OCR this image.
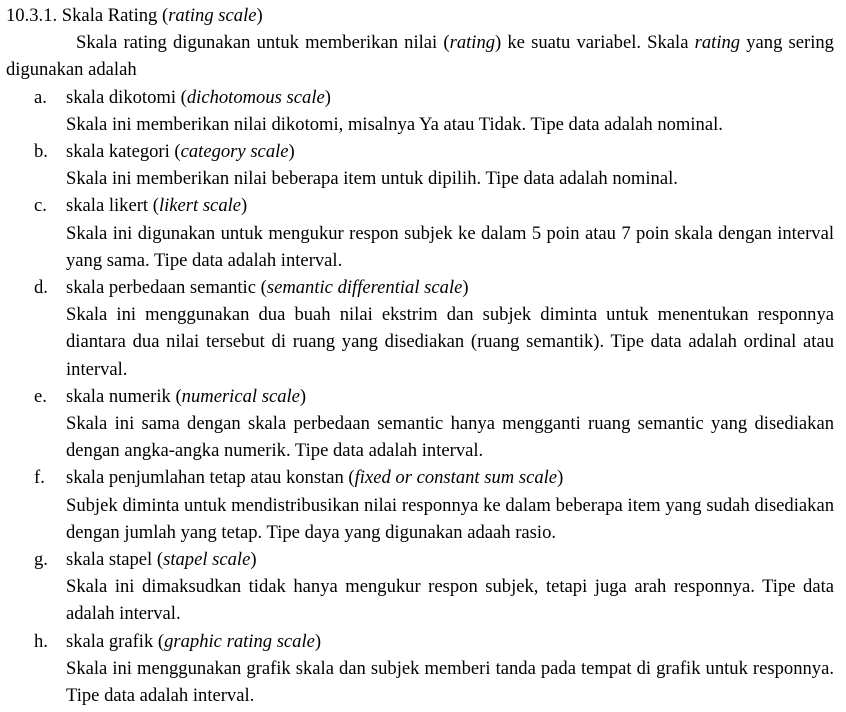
10.3.1. Skala Rating (rating scale)

Skala rating digunakan untuk memberikan nilai (rating) ke suatu variabel. Skala rating yang sering digunakan adalah

a. skala dikotomi (dichotomous scale)
Skala ini memberikan nilai dikotomi, misalnya Ya atau Tidak. Tipe data adalah nominal.
b. skala kategori (category scale)
Skala ini memberikan nilai beberapa item untuk dipilih. Tipe data adalah nominal.
c. skala likert (likert scale)
Skala ini digunakan untuk mengukur respon subjek ke dalam 5 poin atau 7 poin skala dengan interval yang sama. Tipe data adalah interval.
d. skala perbedaan semantic (semantic differential scale)
Skala ini menggunakan dua buah nilai ekstrim dan subjek diminta untuk menentukan responnya diantara dua nilai tersebut di ruang yang disediakan (ruang semantik). Tipe data adalah ordinal atau interval.
e. skala numerik (numerical scale)
Skala ini sama dengan skala perbedaan semantic hanya mengganti ruang semantic yang disediakan dengan angka-angka numerik. Tipe data adalah interval.
f. skala penjumlahan tetap atau konstan (fixed or constant sum scale)
Subjek diminta untuk mendistribusikan nilai responnya ke dalam beberapa item yang sudah disediakan dengan jumlah yang tetap. Tipe daya yang digunakan adaah rasio.
g. skala stapel (stapel scale)
Skala ini dimaksudkan tidak hanya mengukur respon subjek, tetapi juga arah responnya. Tipe data adalah interval.
h. skala grafik (graphic rating scale)
Skala ini menggunakan grafik skala dan subjek memberi tanda pada tempat di grafik untuk responnya. Tipe data adalah interval.
